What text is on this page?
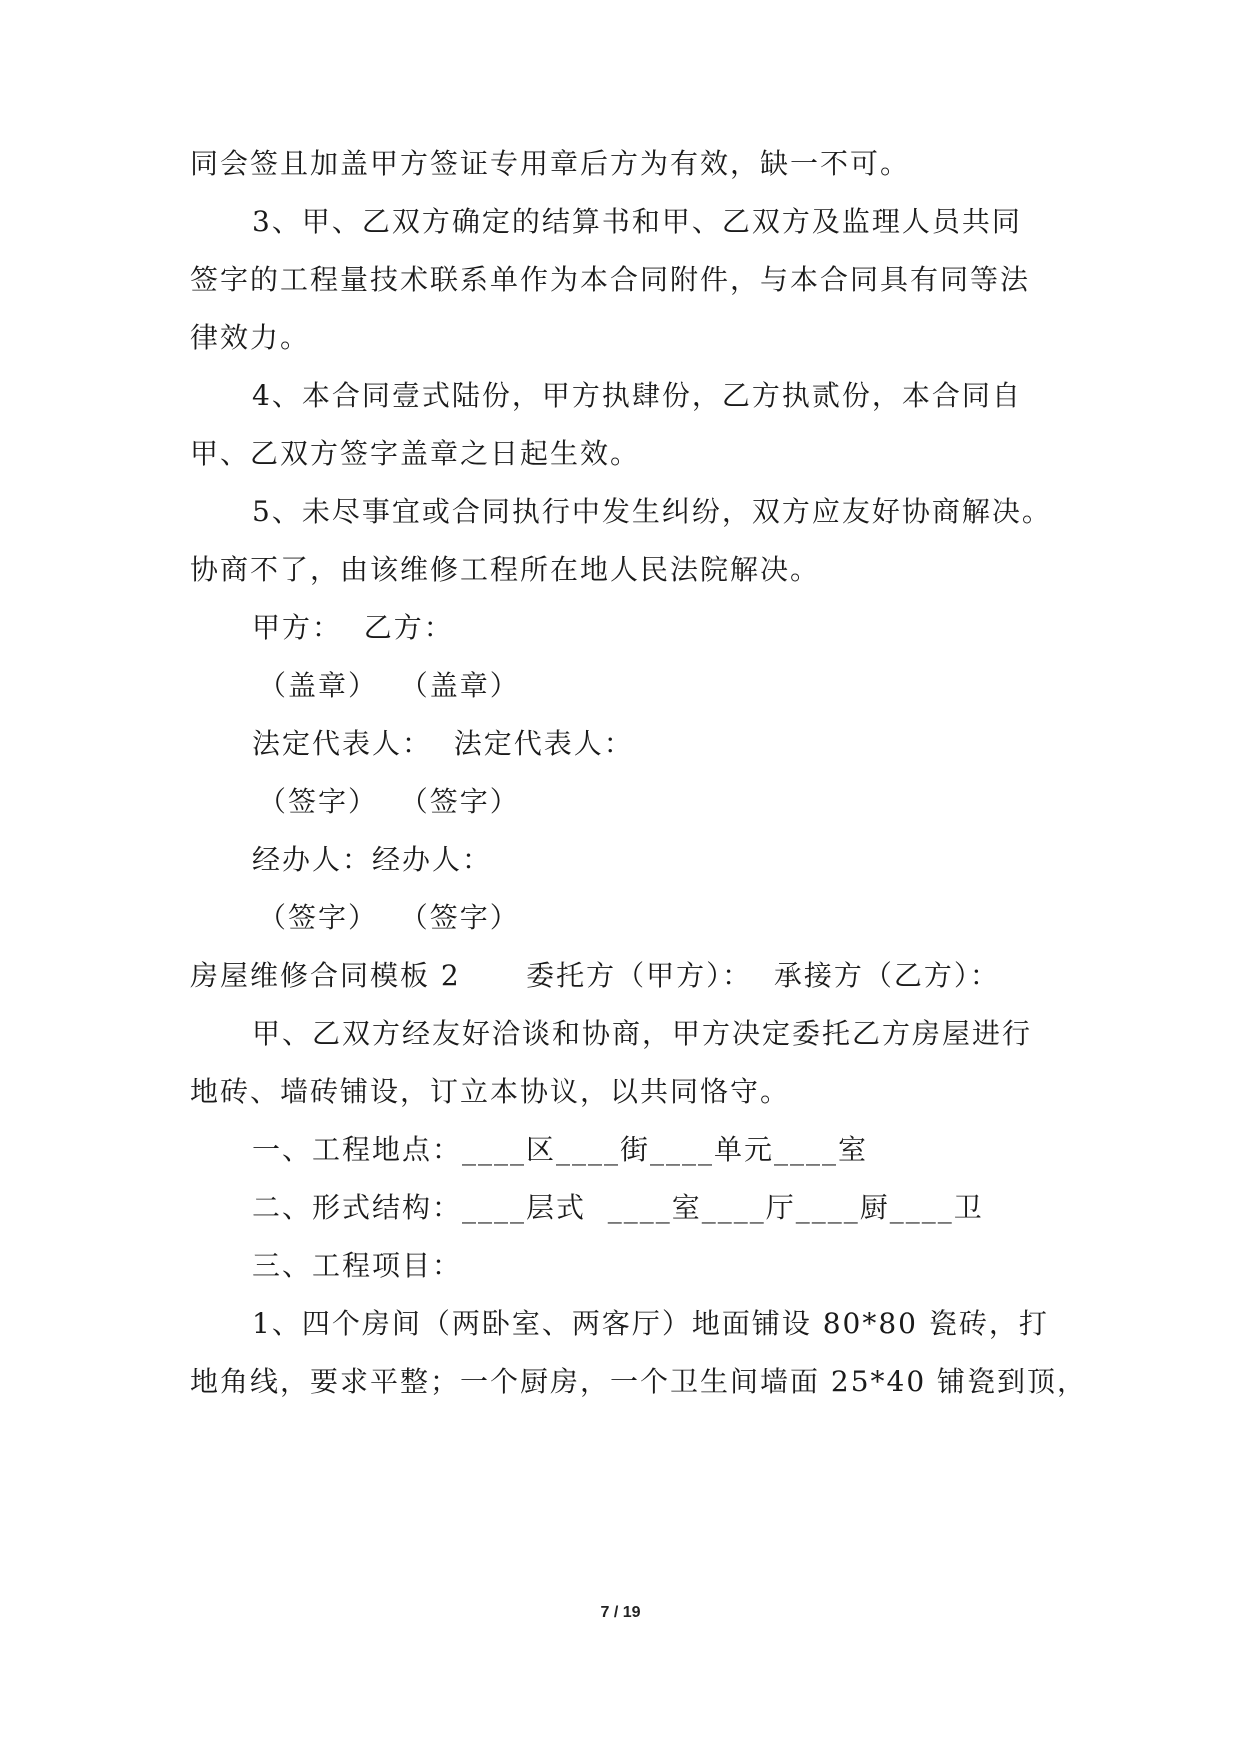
同会签且加盖甲方签证专用章后方为有效，缺一不可。
3、甲、乙双方确定的结算书和甲、乙双方及监理人员共同
签字的工程量技术联系单作为本合同附件，与本合同具有同等法
律效力。
4、本合同壹式陆份，甲方执肆份，乙方执贰份，本合同自
甲、乙双方签字盖章之日起生效。
5、未尽事宜或合同执行中发生纠纷，双方应友好协商解决。
协商不了，由该维修工程所在地人民法院解决。
甲方：  乙方：
（盖章）  （盖章）
法定代表人：  法定代表人：
（签字）  （签字）
经办人：经办人：
（签字）  （签字）
房屋维修合同模板 2      委托方（甲方）：  承接方（乙方）：
甲、乙双方经友好洽谈和协商，甲方决定委托乙方房屋进行
地砖、墙砖铺设，订立本协议，以共同恪守。
一、工程地点：____区____街____单元____室
二、形式结构：____层式  ____室____厅____厨____卫
三、工程项目：
1、四个房间（两卧室、两客厅）地面铺设 80*80 瓷砖，打
地角线，要求平整；一个厨房，一个卫生间墙面 25*40 铺瓷到顶，
7 / 19
